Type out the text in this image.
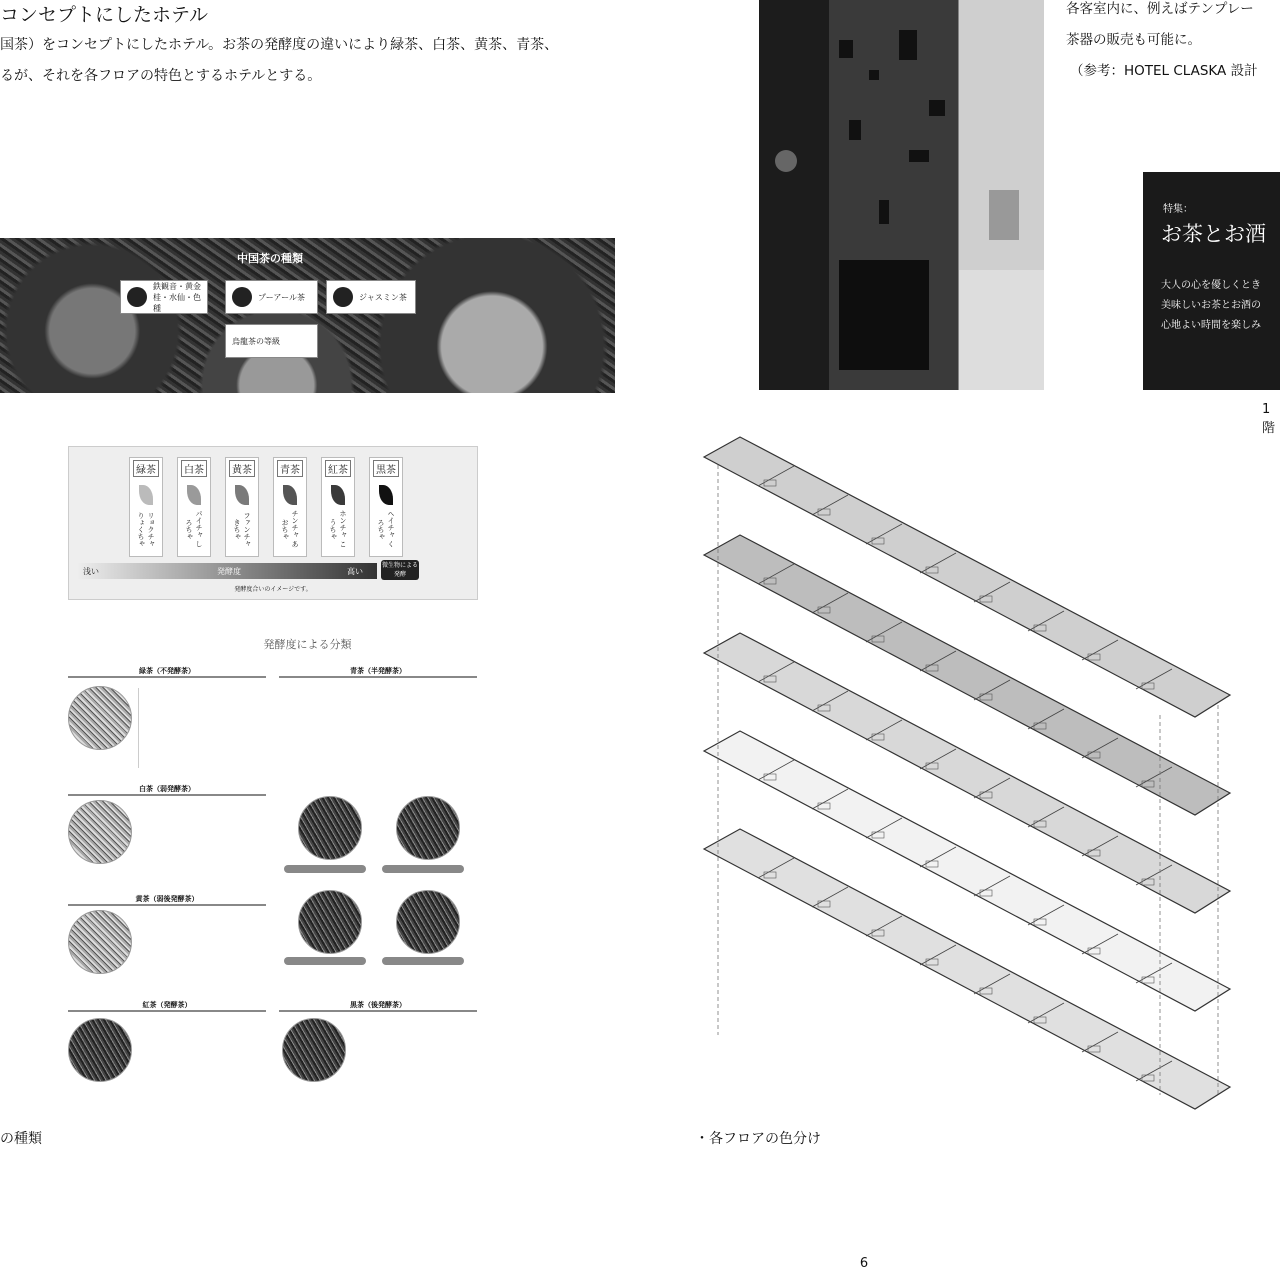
コンセプトにしたホテル
国茶）をコンセプトにしたホテル。お茶の発酵度の違いにより緑茶、白茶、黄茶、青茶、
るが、それを各フロアの特色とするホテルとする。
中国茶の種類
鉄観音・黄金桂・水仙・色種
プーアール茶	ジャスミン茶
烏龍茶の等級

緑茶
リョクチャ りょくちゃ
白茶
パイチャ しろちゃ
黄茶
ファンチャ きちゃ
青茶
チンチャ あおちゃ
紅茶
ホンチャ こうちゃ
黒茶
ヘイチャ くろちゃ
浅い	発酵度	高い
微生物による発酵
発酵度合いのイメージです。
発酵度による分類
緑茶（不発酵茶）	青茶（半発酵茶）
白茶（弱発酵茶）
黄茶（弱後発酵茶）
紅茶（発酵茶）	黒茶（後発酵茶）
の種類
各客室内に、例えばテンプレー
茶器の販売も可能に。
（参考：HOTEL CLASKA 設計
特集：
お茶とお酒
大人の心を優しくとき
美味しいお茶とお酒の
心地よい時間を楽しみ
1階
・各フロアの色分け
6
